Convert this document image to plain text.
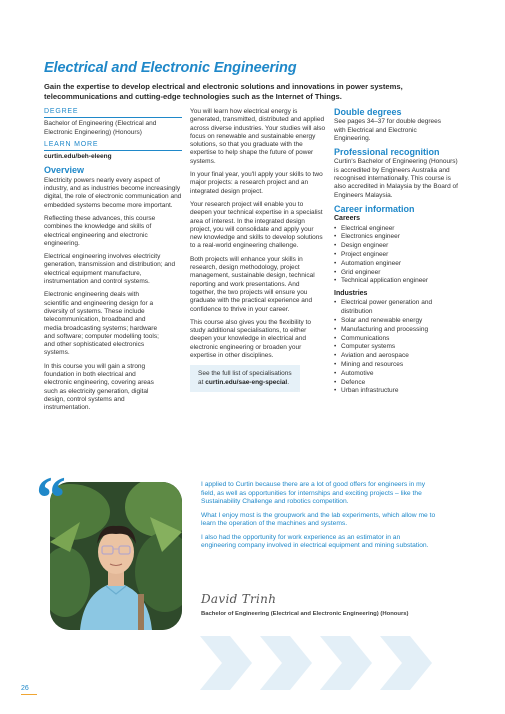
Electrical and Electronic Engineering
Gain the expertise to develop electrical and electronic solutions and innovations in power systems, telecommunications and cutting-edge technologies such as the Internet of Things.
DEGREE
Bachelor of Engineering (Electrical and Electronic Engineering) (Honours)
LEARN MORE
curtin.edu/beh-eleeng
Overview

Electricity powers nearly every aspect of industry, and as industries become increasingly digital, the role of electronic communication and embedded systems become more important.

Reflecting these advances, this course combines the knowledge and skills of electrical engineering and electronic engineering.

Electrical engineering involves electricity generation, transmission and distribution; and electrical equipment manufacture, instrumentation and control systems.

Electronic engineering deals with scientific and engineering design for a diversity of systems. These include telecommunication, broadband and media broadcasting systems; hardware and software; computer modelling tools; and other sophisticated electronics systems.

In this course you will gain a strong foundation in both electrical and electronic engineering, covering areas such as electricity generation, digital design, control systems and instrumentation.

You will learn how electrical energy is generated, transmitted, distributed and applied across diverse industries. Your studies will also focus on renewable and sustainable energy solutions, so that you graduate with the expertise to help shape the future of power systems.

In your final year, you'll apply your skills to two major projects: a research project and an integrated design project.

Your research project will enable you to deepen your technical expertise in a specialist area of interest. In the integrated design project, you will consolidate and apply your new knowledge and skills to develop solutions to a real-world engineering challenge.

Both projects will enhance your skills in research, design methodology, project management, sustainable design, technical reporting and work presentations. And together, the two projects will ensure you graduate with the practical experience and confidence to thrive in your career.

This course also gives you the flexibility to study additional specialisations, to either deepen your knowledge in electrical and electronic engineering or broaden your expertise in other disciplines.

See the full list of specialisations at curtin.edu/sae-eng-special.
Double degrees

See pages 34–37 for double degrees with Electrical and Electronic Engineering.

Professional recognition

Curtin's Bachelor of Engineering (Honours) is accredited by Engineers Australia and recognised internationally. This course is also accredited in Malaysia by the Board of Engineers Malaysia.

Career information
Careers
• Electrical engineer
• Electronics engineer
• Design engineer
• Project engineer
• Automation engineer
• Grid engineer
• Technical application engineer
Industries
• Electrical power generation and distribution
• Solar and renewable energy
• Manufacturing and processing
• Communications
• Computer systems
• Aviation and aerospace
• Mining and resources
• Automotive
• Defence
• Urban infrastructure
“	I applied to Curtin because there are a lot of good offers for engineers in my field, as well as opportunities for internships and exciting projects – like the Sustainability Challenge and robotics competition.

What I enjoy most is the groupwork and the lab experiments, which allow me to learn the operation of the machines and systems.

I also had the opportunity for work experience as an estimator in an engineering company involved in electrical equipment and mining substation.

David Trinh
Bachelor of Engineering (Electrical and Electronic Engineering) (Honours)
26
